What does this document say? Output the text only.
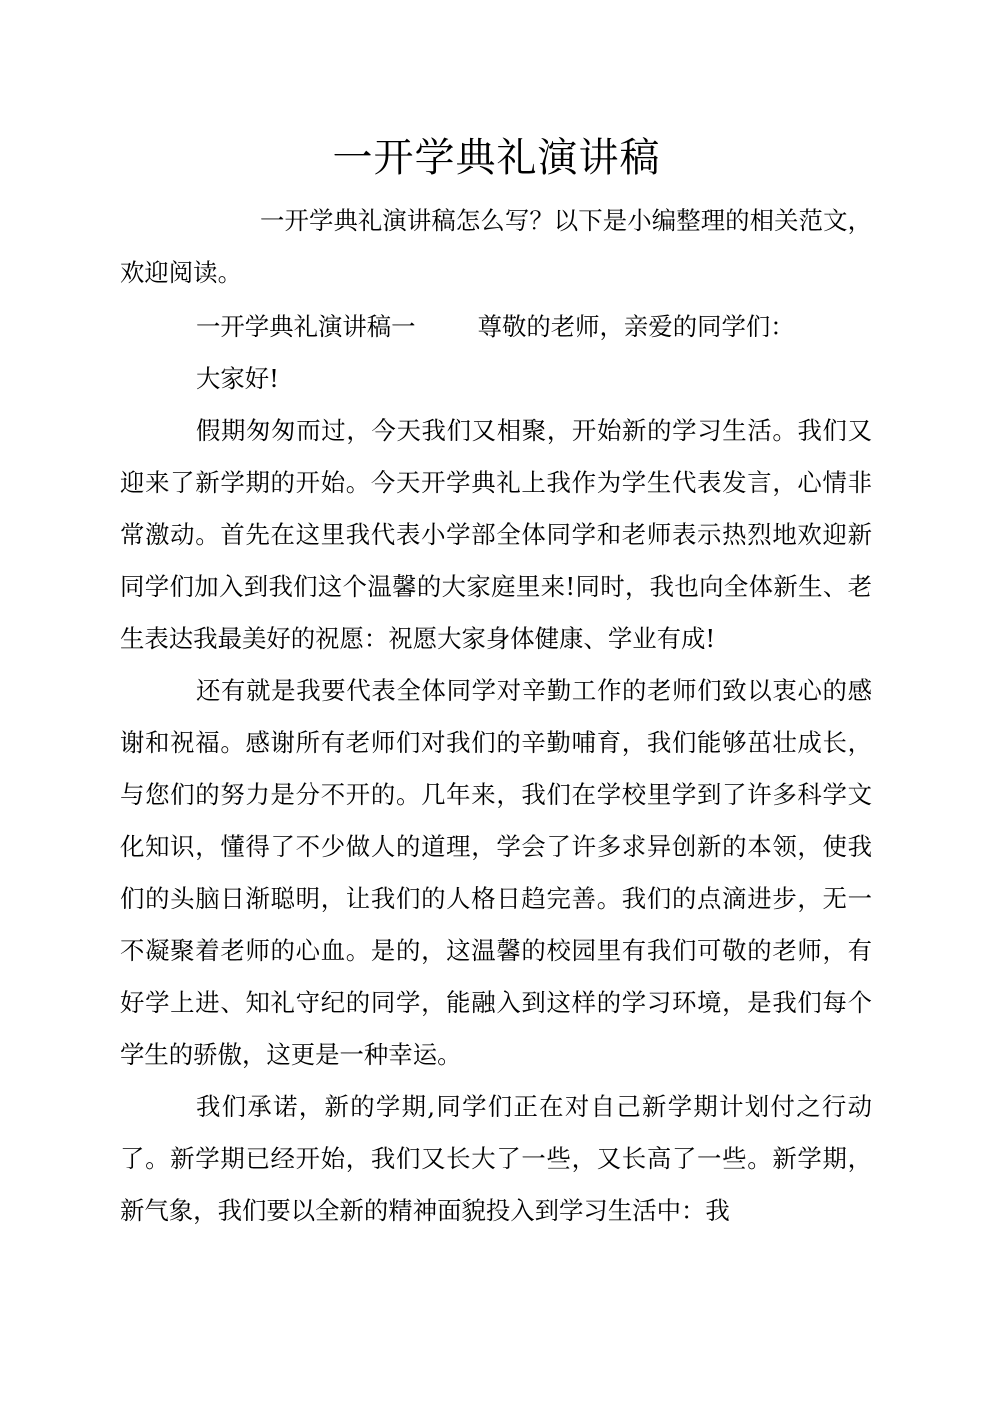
一开学典礼演讲稿

一开学典礼演讲稿怎么写？以下是小编整理的相关范文，欢迎阅读。

一开学典礼演讲稿一	尊敬的老师，亲爱的同学们：

大家好!

假期匆匆而过，今天我们又相聚，开始新的学习生活。我们又迎来了新学期的开始。今天开学典礼上我作为学生代表发言，心情非常激动。首先在这里我代表小学部全体同学和老师表示热烈地欢迎新同学们加入到我们这个温馨的大家庭里来!同时，我也向全体新生、老生表达我最美好的祝愿：祝愿大家身体健康、学业有成!

还有就是我要代表全体同学对辛勤工作的老师们致以衷心的感谢和祝福。感谢所有老师们对我们的辛勤哺育，我们能够茁壮成长，与您们的努力是分不开的。几年来，我们在学校里学到了许多科学文化知识，懂得了不少做人的道理，学会了许多求异创新的本领，使我们的头脑日渐聪明，让我们的人格日趋完善。我们的点滴进步，无一不凝聚着老师的心血。是的，这温馨的校园里有我们可敬的老师，有好学上进、知礼守纪的同学，能融入到这样的学习环境，是我们每个学生的骄傲，这更是一种幸运。

我们承诺，新的学期,同学们正在对自己新学期计划付之行动了。新学期已经开始，我们又长大了一些，又长高了一些。新学期，新气象，我们要以全新的精神面貌投入到学习生活中：我
